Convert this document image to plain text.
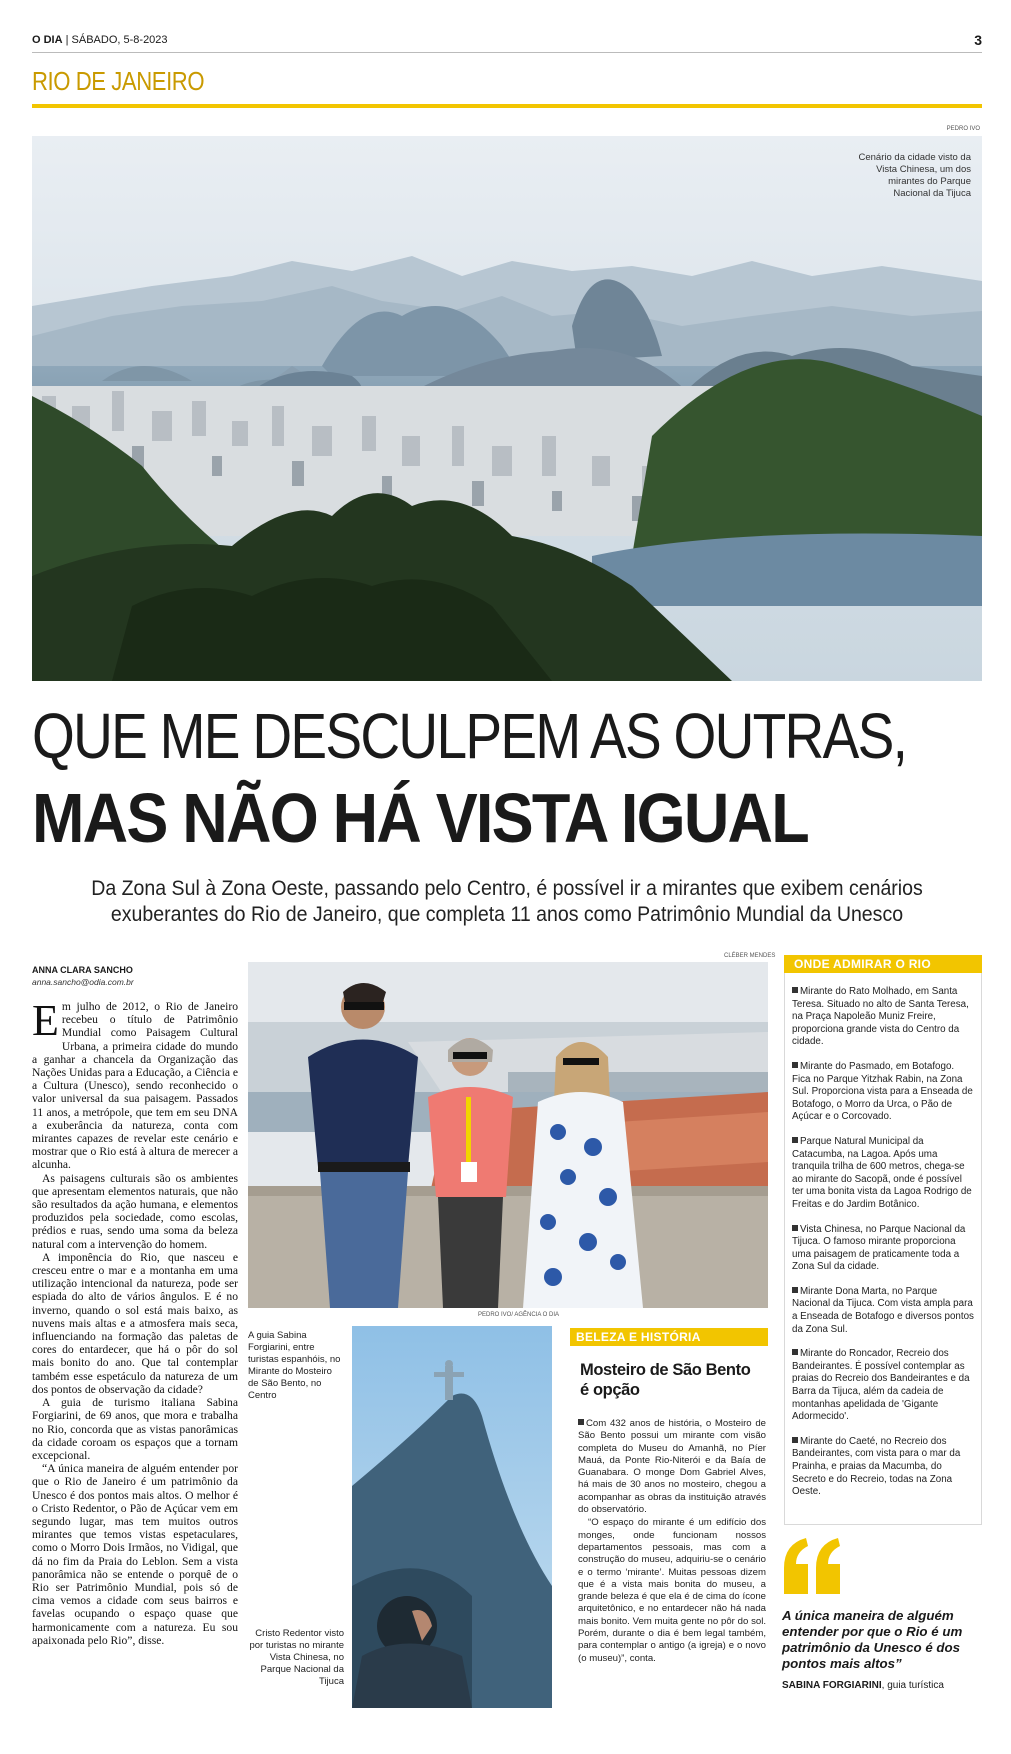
O DIA | SÁBADO, 5-8-2023	3
RIO DE JANEIRO
PEDRO IVO
Cenário da cidade visto da Vista Chinesa, um dos mirantes do Parque Nacional da Tijuca
QUE ME DESCULPEM AS OUTRAS,
MAS NÃO HÁ VISTA IGUAL
Da Zona Sul à Zona Oeste, passando pelo Centro, é possível ir a mirantes que exibem cenários exuberantes do Rio de Janeiro, que completa 11 anos como Patrimônio Mundial da Unesco
ANNA CLARA SANCHO
anna.sancho@odia.com.br

Em julho de 2012, o Rio de Janeiro recebeu o título de Patrimônio Mundial como Paisagem Cultural Urbana, a primeira cidade do mundo a ganhar a chancela da Organização das Nações Unidas para a Educação, a Ciência e a Cultura (Unesco), sendo reconhecido o valor universal da sua paisagem. Passados 11 anos, a metrópole, que tem em seu DNA a exuberância da natureza, conta com mirantes capazes de revelar este cenário e mostrar que o Rio está à altura de merecer a alcunha.

As paisagens culturais são os ambientes que apresentam elementos naturais, que não são resultados da ação humana, e elementos produzidos pela sociedade, como escolas, prédios e ruas, sendo uma soma da beleza natural com a intervenção do homem.

A imponência do Rio, que nasceu e cresceu entre o mar e a montanha em uma utilização intencional da natureza, pode ser espiada do alto de vários ângulos. E é no inverno, quando o sol está mais baixo, as nuvens mais altas e a atmosfera mais seca, influenciando na formação das paletas de cores do entardecer, que há o pôr do sol mais bonito do ano. Que tal contemplar também esse espetáculo da natureza de um dos pontos de observação da cidade?

A guia de turismo italiana Sabina Forgiarini, de 69 anos, que mora e trabalha no Rio, concorda que as vistas panorâmicas da cidade coroam os espaços que a tornam excepcional.

“A única maneira de alguém entender por que o Rio de Janeiro é um patrimônio da Unesco é dos pontos mais altos. O melhor é o Cristo Redentor, o Pão de Açúcar vem em segundo lugar, mas tem muitos outros mirantes que temos vistas espetaculares, como o Morro Dois Irmãos, no Vidigal, que dá no fim da Praia do Leblon. Sem a vista panorâmica não se entende o porquê de o Rio ser Patrimônio Mundial, pois só de cima vemos a cidade com seus bairros e favelas ocupando o espaço quase que harmonicamente com a natureza. Eu sou apaixonada pelo Rio”, disse.

CLÉBER MENDES
PEDRO IVO/ AGÊNCIA O DIA
A guia Sabina Forgiarini, entre turistas espanhóis, no Mirante do Mosteiro de São Bento, no Centro
Cristo Redentor visto por turistas no mirante Vista Chinesa, no Parque Nacional da Tijuca
BELEZA E HISTÓRIA
Mosteiro de São Bento é opção

Com 432 anos de história, o Mosteiro de São Bento possui um mirante com visão completa do Museu do Amanhã, no Píer Mauá, da Ponte Rio-Niterói e da Baía de Guanabara. O monge Dom Gabriel Alves, há mais de 30 anos no mosteiro, chegou a acompanhar as obras da instituição através do observatório.

“O espaço do mirante é um edifício dos monges, onde funcionam nossos departamentos pessoais, mas com a construção do museu, adquiriu-se o cenário e o termo ‘mirante’. Muitas pessoas dizem que é a vista mais bonita do museu, a grande beleza é que ela é de cima do ícone arquitetônico, e no entardecer não há nada mais bonito. Vem muita gente no pôr do sol. Porém, durante o dia é bem legal também, para contemplar o antigo (a igreja) e o novo (o museu)”, conta.

ONDE ADMIRAR O RIO

Mirante do Rato Molhado, em Santa Teresa. Situado no alto de Santa Teresa, na Praça Napoleão Muniz Freire, proporciona grande vista do Centro da cidade.

Mirante do Pasmado, em Botafogo. Fica no Parque Yitzhak Rabin, na Zona Sul. Proporciona vista para a Enseada de Botafogo, o Morro da Urca, o Pão de Açúcar e o Corcovado.

Parque Natural Municipal da Catacumba, na Lagoa. Após uma tranquila trilha de 600 metros, chega-se ao mirante do Sacopã, onde é possível ter uma bonita vista da Lagoa Rodrigo de Freitas e do Jardim Botânico.

Vista Chinesa, no Parque Nacional da Tijuca. O famoso mirante proporciona uma paisagem de praticamente toda a Zona Sul da cidade.

Mirante Dona Marta, no Parque Nacional da Tijuca. Com vista ampla para a Enseada de Botafogo e diversos pontos da Zona Sul.

Mirante do Roncador, Recreio dos Bandeirantes. É possível contemplar as praias do Recreio dos Bandeirantes e da Barra da Tijuca, além da cadeia de montanhas apelidada de 'Gigante Adormecido'.

Mirante do Caeté, no Recreio dos Bandeirantes, com vista para o mar da Prainha, e praias da Macumba, do Secreto e do Recreio, todas na Zona Oeste.

A única maneira de alguém entender por que o Rio é um patrimônio da Unesco é dos pontos mais altos”
SABINA FORGIARINI, guia turística
